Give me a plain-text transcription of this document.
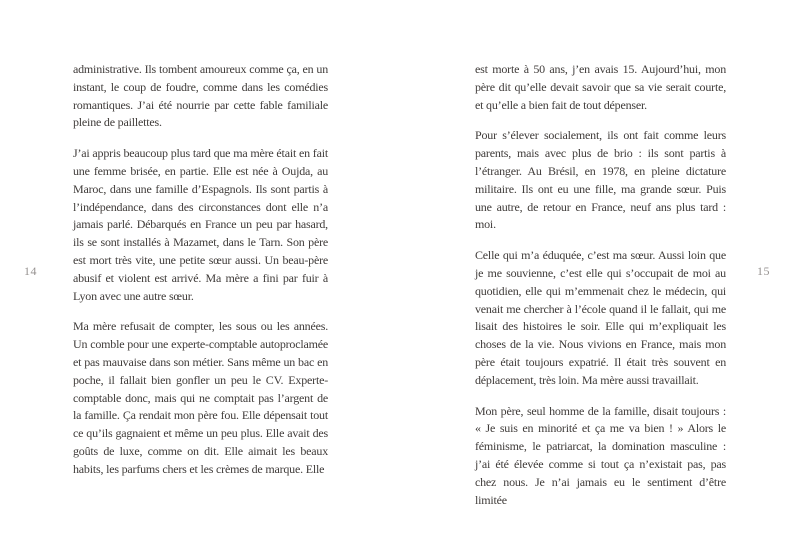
14

administrative. Ils tombent amoureux comme ça, en un instant, le coup de foudre, comme dans les comédies romantiques. J’ai été nourrie par cette fable familiale pleine de paillettes.

J’ai appris beaucoup plus tard que ma mère était en fait une femme brisée, en partie. Elle est née à Oujda, au Maroc, dans une famille d’Espagnols. Ils sont partis à l’indépendance, dans des circonstances dont elle n’a jamais parlé. Débarqués en France un peu par hasard, ils se sont installés à Mazamet, dans le Tarn. Son père est mort très vite, une petite sœur aussi. Un beau-père abusif et violent est arrivé. Ma mère a fini par fuir à Lyon avec une autre sœur.

Ma mère refusait de compter, les sous ou les années. Un comble pour une experte-comptable autoproclamée et pas mauvaise dans son métier. Sans même un bac en poche, il fallait bien gonfler un peu le CV. Experte-comptable donc, mais qui ne comptait pas l’argent de la famille. Ça rendait mon père fou. Elle dépensait tout ce qu’ils gagnaient et même un peu plus. Elle avait des goûts de luxe, comme on dit. Elle aimait les beaux habits, les parfums chers et les crèmes de marque. Elle

est morte à 50 ans, j’en avais 15. Aujourd’hui, mon père dit qu’elle devait savoir que sa vie serait courte, et qu’elle a bien fait de tout dépenser.

Pour s’élever socialement, ils ont fait comme leurs parents, mais avec plus de brio : ils sont partis à l’étranger. Au Brésil, en 1978, en pleine dictature militaire. Ils ont eu une fille, ma grande sœur. Puis une autre, de retour en France, neuf ans plus tard : moi.

Celle qui m’a éduquée, c’est ma sœur. Aussi loin que je me souvienne, c’est elle qui s’occupait de moi au quotidien, elle qui m’emmenait chez le médecin, qui venait me chercher à l’école quand il le fallait, qui me lisait des histoires le soir. Elle qui m’expliquait les choses de la vie. Nous vivions en France, mais mon père était toujours expatrié. Il était très souvent en déplacement, très loin. Ma mère aussi travaillait.

Mon père, seul homme de la famille, disait toujours : « Je suis en minorité et ça me va bien ! » Alors le féminisme, le patriarcat, la domination masculine : j’ai été élevée comme si tout ça n’existait pas, pas chez nous. Je n’ai jamais eu le sentiment d’être limitée

15
